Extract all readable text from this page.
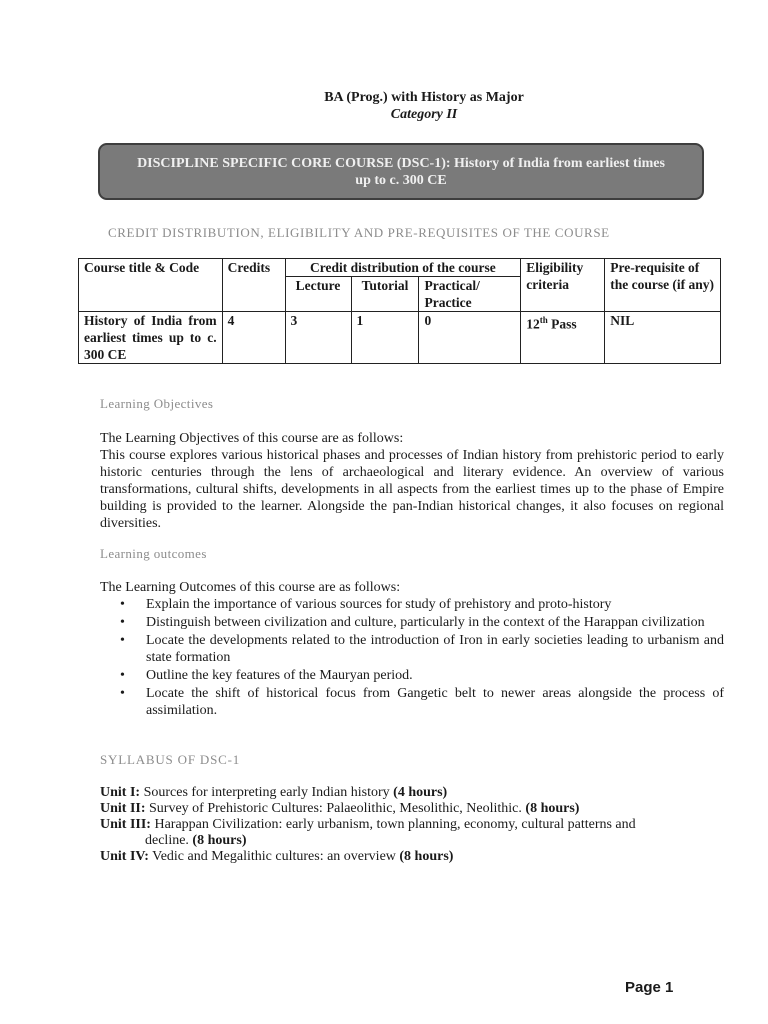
BA (Prog.) with History as Major
Category II
DISCIPLINE SPECIFIC CORE COURSE (DSC-1): History of India from earliest times up to c. 300 CE
CREDIT DISTRIBUTION, ELIGIBILITY AND PRE-REQUISITES OF THE COURSE
Course title & Code	Credits	Credit distribution of the course			Eligibility criteria	Pre-requisite of the course (if any)
		Lecture	Tutorial	Practical/ Practice		
History of India from earliest times up to c. 300 CE	4	3	1	0	12th Pass	NIL
Learning Objectives
The Learning Objectives of this course are as follows:
This course explores various historical phases and processes of Indian history from prehistoric period to early historic centuries through the lens of archaeological and literary evidence. An overview of various transformations, cultural shifts, developments in all aspects from the earliest times up to the phase of Empire building is provided to the learner. Alongside the pan-Indian historical changes, it also focuses on regional diversities.
Learning outcomes
The Learning Outcomes of this course are as follows:
• Explain the importance of various sources for study of prehistory and proto-history
• Distinguish between civilization and culture, particularly in the context of the Harappan civilization
• Locate the developments related to the introduction of Iron in early societies leading to urbanism and state formation
• Outline the key features of the Mauryan period.
• Locate the shift of historical focus from Gangetic belt to newer areas alongside the process of assimilation.
SYLLABUS OF DSC-1
Unit I: Sources for interpreting early Indian history (4 hours)
Unit II: Survey of Prehistoric Cultures: Palaeolithic, Mesolithic, Neolithic. (8 hours)
Unit III: Harappan Civilization: early urbanism, town planning, economy, cultural patterns and
decline. (8 hours)
Unit IV: Vedic and Megalithic cultures: an overview (8 hours)
Page 1
